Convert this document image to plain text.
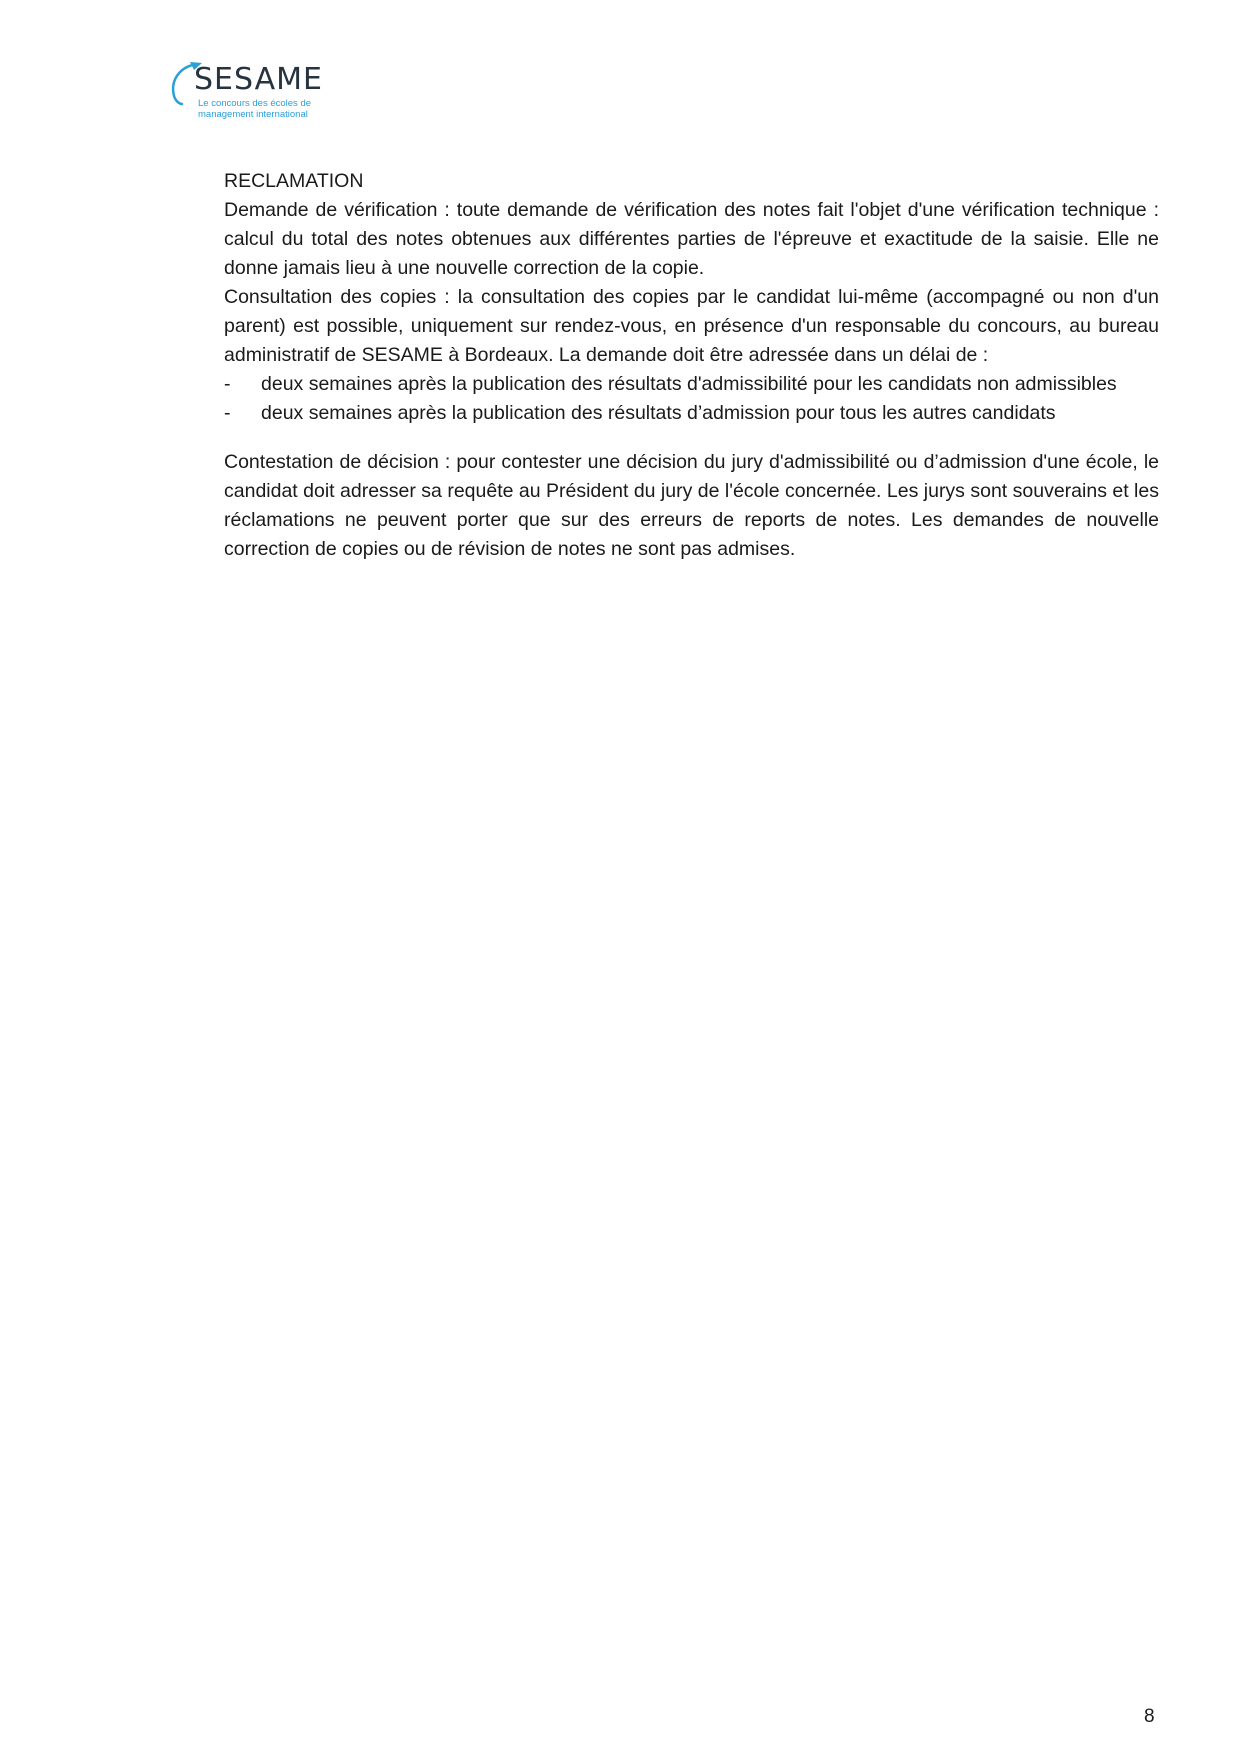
SESAME
Le concours des écoles de
management international

RECLAMATION

Demande de vérification : toute demande de vérification des notes fait l'objet d'une vérification technique : calcul du total des notes obtenues aux différentes parties de l'épreuve et exactitude de la saisie. Elle ne donne jamais lieu à une nouvelle correction de la copie.

Consultation des copies : la consultation des copies par le candidat lui-même (accompagné ou non d'un parent) est possible, uniquement sur rendez-vous, en présence d'un responsable du concours, au bureau administratif de SESAME à Bordeaux. La demande doit être adressée dans un délai de :

- deux semaines après la publication des résultats d'admissibilité pour les candidats non admissibles
- deux semaines après la publication des résultats d’admission pour tous les autres candidats

Contestation de décision : pour contester une décision du jury d'admissibilité ou d’admission d'une école, le candidat doit adresser sa requête au Président du jury de l'école concernée. Les jurys sont souverains et les réclamations ne peuvent porter que sur des erreurs de reports de notes. Les demandes de nouvelle correction de copies ou de révision de notes ne sont pas admises.

8
